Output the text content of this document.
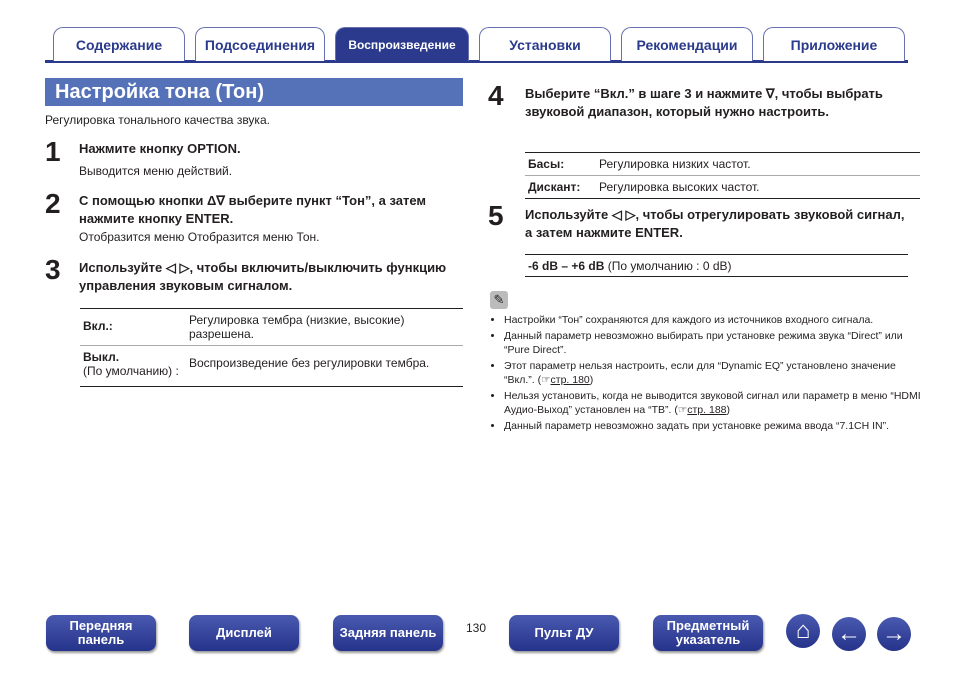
Содержание	Подсоединения	Воспроизведение	Установки	Рекомендации	Приложение
Настройка тона (Тон)
Регулировка тонального качества звука.
1 Нажмите кнопку OPTION.
Выводится меню действий.
2 С помощью кнопки Δ∇ выберите пункт “Тон”, а затем нажмите кнопку ENTER.
Отобразится меню Отобразится меню Тон.
3 Используйте ◁ ▷, чтобы включить/выключить функцию управления звуковым сигналом.
Вкл.:	Регулировка тембра (низкие, высокие) разрешена.
Выкл.
(По умолчанию) :	Воспроизведение без регулировки тембра.
4 Выберите “Вкл.” в шаге 3 и нажмите ∇, чтобы выбрать звуковой диапазон, который нужно настроить.
Басы:	Регулировка низких частот.
Дискант:	Регулировка высоких частот.
5 Используйте ◁ ▷, чтобы отрегулировать звуковой сигнал, а затем нажмите ENTER.
-6 dB – +6 dB (По умолчанию : 0 dB)
✎
• Настройки “Тон” сохраняются для каждого из источников входного сигнала.
• Данный параметр невозможно выбирать при установке режима звука “Direct” или “Pure Direct”.
• Этот параметр нельзя настроить, если для “Dynamic EQ” установлено значение “Вкл.”. (☞стр. 180)
• Нельзя установить, когда не выводится звуковой сигнал или параметр в меню “HDMI Аудио-Выход” установлен на “ТВ”. (☞стр. 188)
• Данный параметр невозможно задать при установке режима ввода “7.1CH IN”.
Передняя панель	Дисплей	Задняя панель	130	Пульт ДУ	Предметный указатель	⌂	← →
